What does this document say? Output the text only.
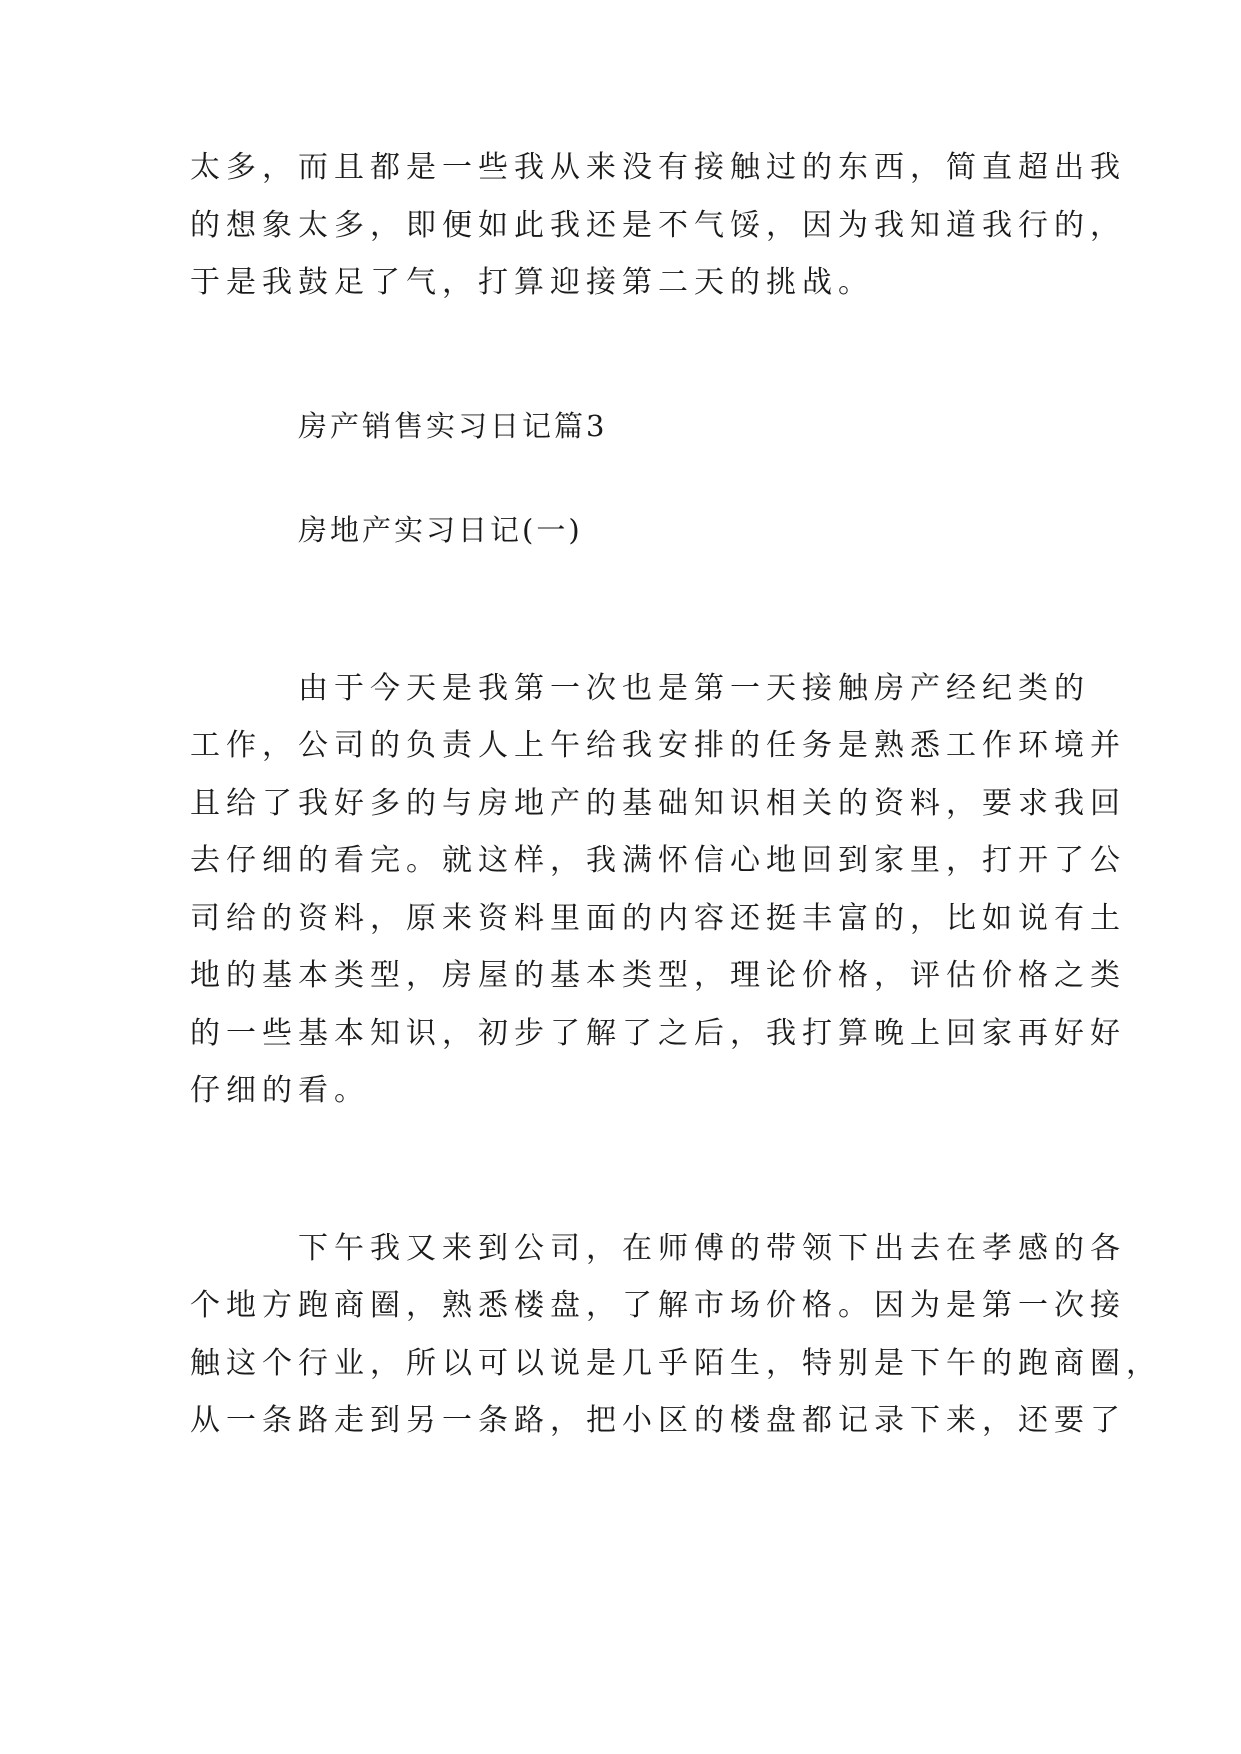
太多，而且都是一些我从来没有接触过的东西，简直超出我
的想象太多，即便如此我还是不气馁，因为我知道我行的，
于是我鼓足了气，打算迎接第二天的挑战。
房产销售实习日记篇3
房地产实习日记(一)
由于今天是我第一次也是第一天接触房产经纪类的
工作，公司的负责人上午给我安排的任务是熟悉工作环境并
且给了我好多的与房地产的基础知识相关的资料，要求我回
去仔细的看完。就这样，我满怀信心地回到家里，打开了公
司给的资料，原来资料里面的内容还挺丰富的，比如说有土
地的基本类型，房屋的基本类型，理论价格，评估价格之类
的一些基本知识，初步了解了之后，我打算晚上回家再好好
仔细的看。
下午我又来到公司，在师傅的带领下出去在孝感的各
个地方跑商圈，熟悉楼盘，了解市场价格。因为是第一次接
触这个行业，所以可以说是几乎陌生，特别是下午的跑商圈，
从一条路走到另一条路，把小区的楼盘都记录下来，还要了
